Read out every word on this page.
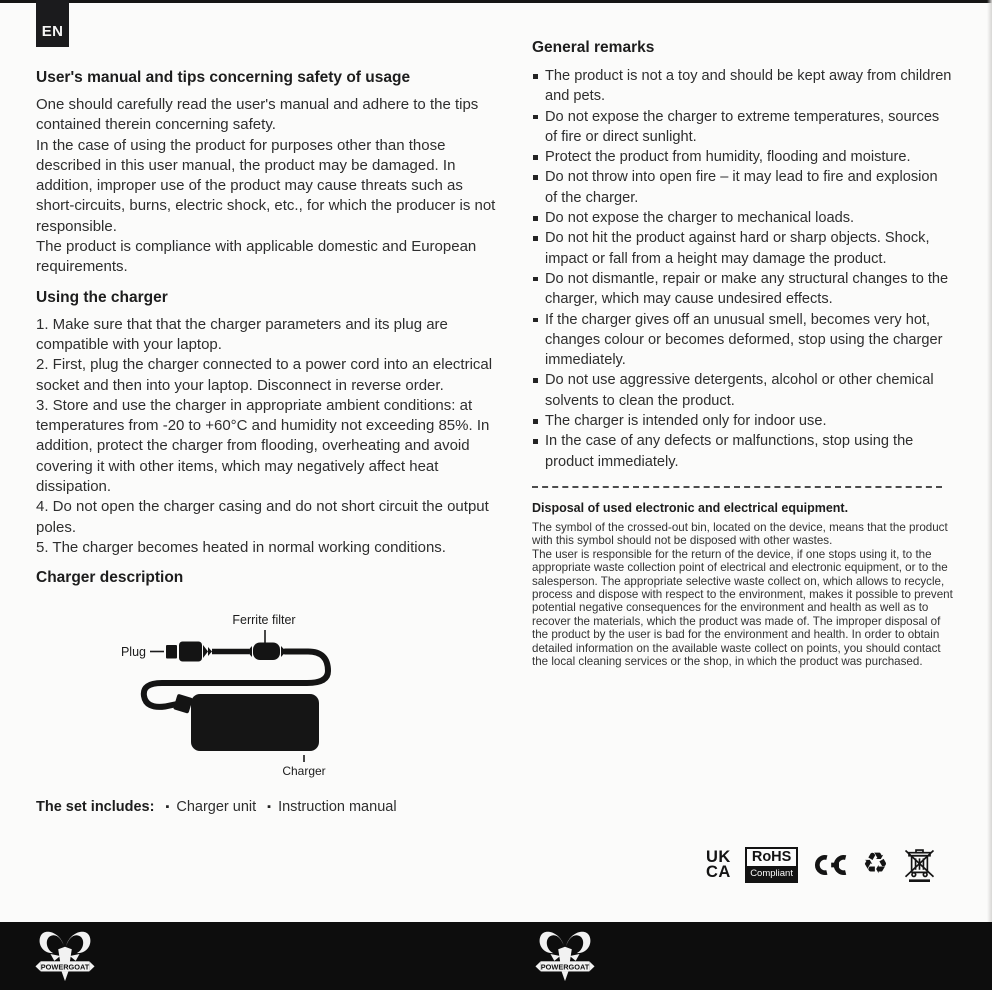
EN
User's manual and tips concerning safety of usage
One should carefully read the user's manual and adhere to the tips contained therein concerning safety.
In the case of using the product for purposes other than those described in this user manual, the product may be damaged. In addition, improper use of the product may cause threats such as short-circuits, burns, electric shock, etc., for which the producer is not responsible.
The product is compliance with applicable domestic and European requirements.
Using the charger
1. Make sure that that the charger parameters and its plug are compatible with your laptop.
2. First, plug the charger connected to a power cord into an electrical socket and then into your laptop. Disconnect in reverse order.
3. Store and use the charger in appropriate ambient conditions: at temperatures from -20 to +60°C and humidity not exceeding 85%. In addition, protect the charger from flooding, overheating and avoid covering it with other items, which may negatively affect heat dissipation.
4. Do not open the charger casing and do not short circuit the output poles.
5. The charger becomes heated in normal working conditions.
Charger description
Ferrite filter
Plug
Charger
The set includes: ▪ Charger unit ▪ Instruction manual
General remarks
The product is not a toy and should be kept away from children and pets.
Do not expose the charger to extreme temperatures, sources of fire or direct sunlight.
Protect the product from humidity, flooding and moisture.
Do not throw into open fire – it may lead to fire and explosion of the charger.
Do not expose the charger to mechanical loads.
Do not hit the product against hard or sharp objects. Shock, impact or fall from a height may damage the product.
Do not dismantle, repair or make any structural changes to the charger, which may cause undesired effects.
If the charger gives off an unusual smell, becomes very hot, changes colour or becomes deformed, stop using the charger immediately.
Do not use aggressive detergents, alcohol or other chemical solvents to clean the product.
The charger is intended only for indoor use.
In the case of any defects or malfunctions, stop using the product immediately.
Disposal of used electronic and electrical equipment.
The symbol of the crossed-out bin, located on the device, means that the product with this symbol should not be disposed with other wastes.
The user is responsible for the return of the device, if one stops using it, to the appropriate waste collection point of electrical and electronic equipment, or to the salesperson. The appropriate selective waste collect on, which allows to recycle, process and dispose with respect to the environment, makes it possible to prevent potential negative consequences for the environment and health as well as to recover the materials, which the product was made of. The improper disposal of the product by the user is bad for the environment and health. In order to obtain detailed information on the available waste collect on points, you should contact the local cleaning services or the shop, in which the product was purchased.
UK
CA
RoHS
Compliant ♻
POWERGOAT	POWERGOAT
